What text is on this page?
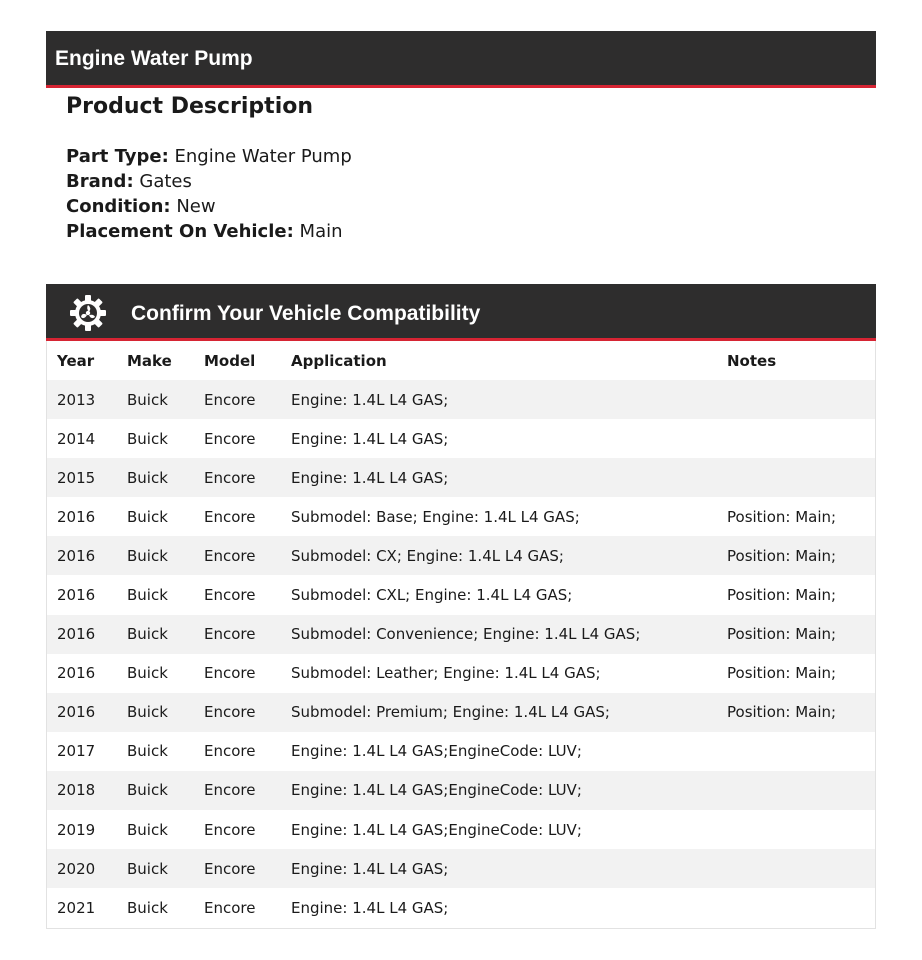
Engine Water Pump
Product Description
Part Type: Engine Water Pump
Brand: Gates
Condition: New
Placement On Vehicle: Main
Confirm Your Vehicle Compatibility
Year	Make	Model	Application	Notes
2013	Buick	Encore	Engine: 1.4L L4 GAS;	
2014	Buick	Encore	Engine: 1.4L L4 GAS;	
2015	Buick	Encore	Engine: 1.4L L4 GAS;	
2016	Buick	Encore	Submodel: Base; Engine: 1.4L L4 GAS;	Position: Main;
2016	Buick	Encore	Submodel: CX; Engine: 1.4L L4 GAS;	Position: Main;
2016	Buick	Encore	Submodel: CXL; Engine: 1.4L L4 GAS;	Position: Main;
2016	Buick	Encore	Submodel: Convenience; Engine: 1.4L L4 GAS;	Position: Main;
2016	Buick	Encore	Submodel: Leather; Engine: 1.4L L4 GAS;	Position: Main;
2016	Buick	Encore	Submodel: Premium; Engine: 1.4L L4 GAS;	Position: Main;
2017	Buick	Encore	Engine: 1.4L L4 GAS;EngineCode: LUV;	
2018	Buick	Encore	Engine: 1.4L L4 GAS;EngineCode: LUV;	
2019	Buick	Encore	Engine: 1.4L L4 GAS;EngineCode: LUV;	
2020	Buick	Encore	Engine: 1.4L L4 GAS;	
2021	Buick	Encore	Engine: 1.4L L4 GAS;	
